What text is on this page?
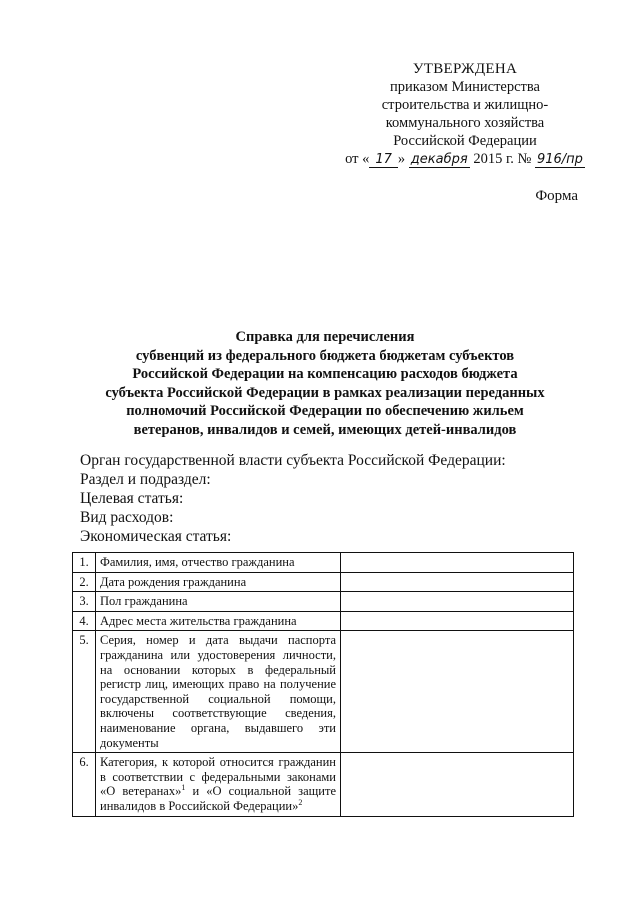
УТВЕРЖДЕНА
приказом Министерства
строительства и жилищно-
коммунального хозяйства
Российской Федерации
от « 17 » декабря 2015 г. № 916/пр
Форма
Справка для перечисления
субвенций из федерального бюджета бюджетам субъектов
Российской Федерации на компенсацию расходов бюджета
субъекта Российской Федерации в рамках реализации переданных
полномочий Российской Федерации по обеспечению жильем
ветеранов, инвалидов и семей, имеющих детей-инвалидов
Орган государственной власти субъекта Российской Федерации:
Раздел и подраздел:
Целевая статья:
Вид расходов:
Экономическая статья:
1.	Фамилия, имя, отчество гражданина	
2.	Дата рождения гражданина	
3.	Пол гражданина	
4.	Адрес места жительства гражданина	
5.	Серия, номер и дата выдачи паспорта гражданина или удостоверения личности, на основании которых в федеральный регистр лиц, имеющих право на получение государственной социальной помощи, включены соответствующие сведения, наименование органа, выдавшего эти документы	
6.	Категория, к которой относится гражданин в соответствии с федеральными законами «О ветеранах»$^1$ и «О социальной защите инвалидов в Российской Федерации»$^2$	
